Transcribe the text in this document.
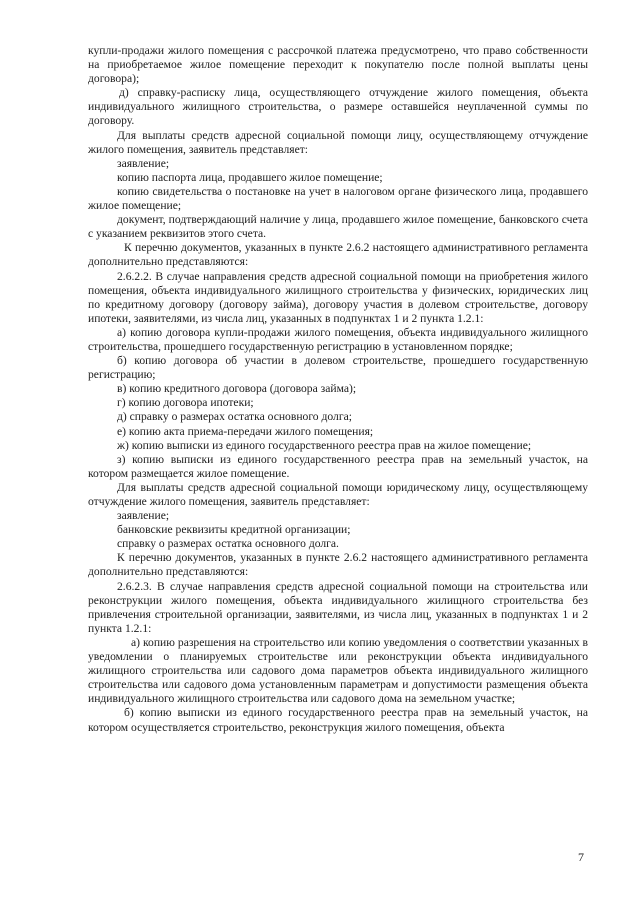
купли-продажи жилого помещения с рассрочкой платежа предусмотрено, что право собственности на приобретаемое жилое помещение переходит к покупателю после полной выплаты цены договора);

д) справку-расписку лица, осуществляющего отчуждение жилого помещения, объекта индивидуального жилищного строительства, о размере оставшейся неуплаченной суммы по договору.

Для выплаты средств адресной социальной помощи лицу, осуществляющему отчуждение жилого помещения, заявитель представляет:

заявление;

копию паспорта лица, продавшего жилое помещение;

копию свидетельства о постановке на учет в налоговом органе физического лица, продавшего жилое помещение;

документ, подтверждающий наличие у лица, продавшего жилое помещение, банковского счета с указанием реквизитов этого счета.

К перечню документов, указанных в пункте 2.6.2 настоящего административного регламента дополнительно представляются:

2.6.2.2. В случае направления средств адресной социальной помощи на приобретения жилого помещения, объекта индивидуального жилищного строительства у физических, юридических лиц по кредитному договору (договору займа), договору участия в долевом строительстве, договору ипотеки, заявителями, из числа лиц, указанных в подпунктах 1 и 2 пункта 1.2.1:

а) копию договора купли-продажи жилого помещения, объекта индивидуального жилищного строительства, прошедшего государственную регистрацию в установленном порядке;

б) копию договора об участии в долевом строительстве, прошедшего государственную регистрацию;

в) копию кредитного договора (договора займа);

г) копию договора ипотеки;

д) справку о размерах остатка основного долга;

е) копию акта приема-передачи жилого помещения;

ж) копию выписки из единого государственного реестра прав на жилое помещение;

з) копию выписки из единого государственного реестра прав на земельный участок, на котором размещается жилое помещение.

Для выплаты средств адресной социальной помощи юридическому лицу, осуществляющему отчуждение жилого помещения, заявитель представляет:

заявление;

банковские реквизиты кредитной организации;

справку о размерах остатка основного долга.

К перечню документов, указанных в пункте 2.6.2 настоящего административного регламента дополнительно представляются:

2.6.2.3. В случае направления средств адресной социальной помощи на строительства или реконструкции жилого помещения, объекта индивидуального жилищного строительства без привлечения строительной организации, заявителями, из числа лиц, указанных в подпунктах 1 и 2 пункта 1.2.1:

а) копию разрешения на строительство или копию уведомления о соответствии указанных в уведомлении о планируемых строительстве или реконструкции объекта индивидуального жилищного строительства или садового дома параметров объекта индивидуального жилищного строительства или садового дома установленным параметрам и допустимости размещения объекта индивидуального жилищного строительства или садового дома на земельном участке;

б) копию выписки из единого государственного реестра прав на земельный участок, на котором осуществляется строительство, реконструкция жилого помещения, объекта

7
